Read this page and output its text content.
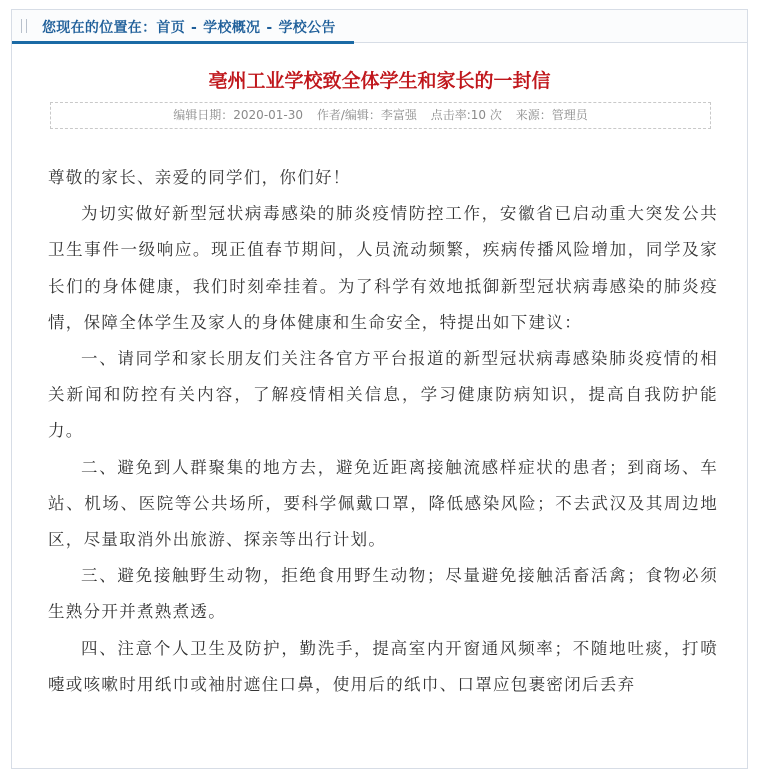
您现在的位置在：首页 - 学校概况 - 学校公告
亳州工业学校致全体学生和家长的一封信
编辑日期：2020-01-30 作者/编辑：李富强 点击率:10 次 来源：管理员

尊敬的家长、亲爱的同学们，你们好！

为切实做好新型冠状病毒感染的肺炎疫情防控工作，安徽省已启动重大突发公共卫生事件一级响应。现正值春节期间，人员流动频繁，疾病传播风险增加，同学及家长们的身体健康，我们时刻牵挂着。为了科学有效地抵御新型冠状病毒感染的肺炎疫情，保障全体学生及家人的身体健康和生命安全，特提出如下建议：

一、请同学和家长朋友们关注各官方平台报道的新型冠状病毒感染肺炎疫情的相关新闻和防控有关内容，了解疫情相关信息，学习健康防病知识，提高自我防护能力。

二、避免到人群聚集的地方去，避免近距离接触流感样症状的患者；到商场、车站、机场、医院等公共场所，要科学佩戴口罩，降低感染风险；不去武汉及其周边地区，尽量取消外出旅游、探亲等出行计划。

三、避免接触野生动物，拒绝食用野生动物；尽量避免接触活畜活禽；食物必须生熟分开并煮熟煮透。

四、注意个人卫生及防护，勤洗手，提高室内开窗通风频率；不随地吐痰，打喷嚏或咳嗽时用纸巾或袖肘遮住口鼻，使用后的纸巾、口罩应包裹密闭后丢弃
